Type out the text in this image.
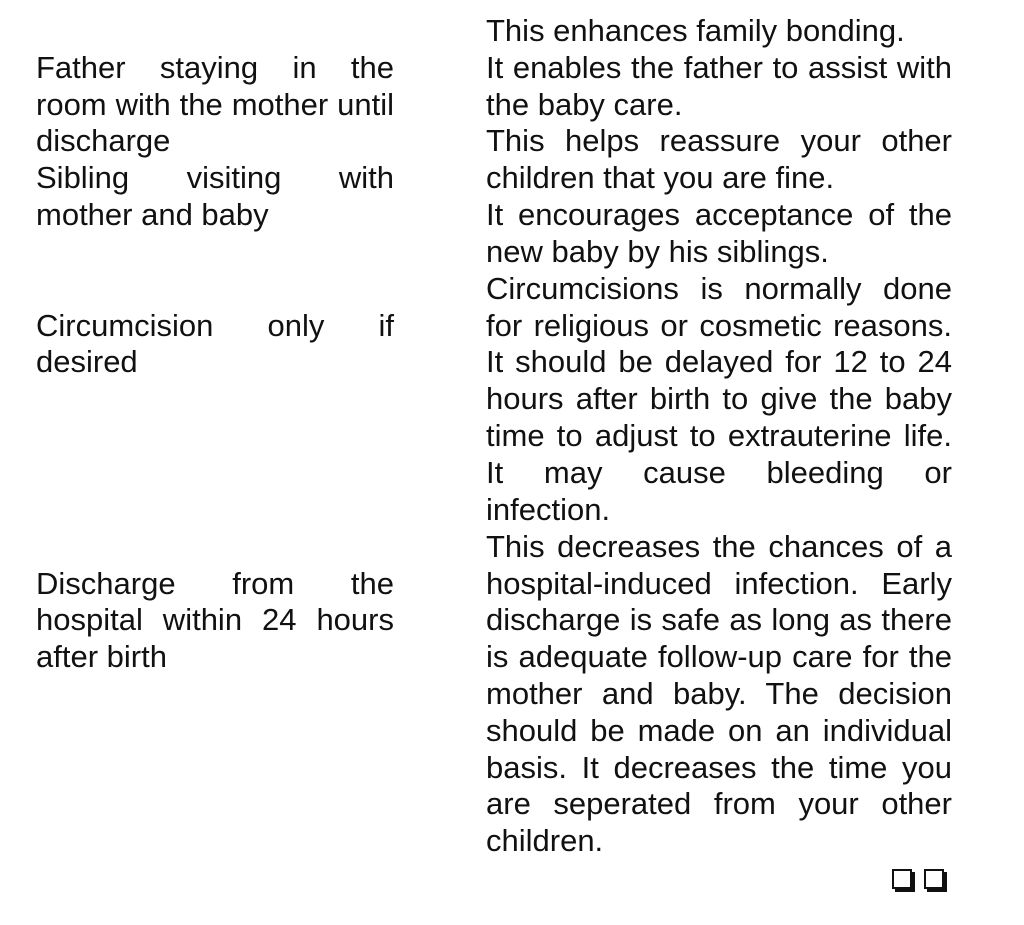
Father staying in the
room with the mother until
discharge
Sibling visiting with
mother and baby
Circumcision only if
desired
Discharge from the
hospital within 24 hours
after birth
This enhances family bonding.
It enables the father to assist with
the baby care.
This helps reassure your other
children that you are fine.
It encourages acceptance of the
new baby by his siblings.
Circumcisions is normally done
for religious or cosmetic reasons.
It should be delayed for 12 to 24
hours after birth to give the baby
time to adjust to extrauterine life.
It may cause bleeding or
infection.
This decreases the chances of a
hospital-induced infection. Early
discharge is safe as long as there
is adequate follow-up care for the
mother and baby. The decision
should be made on an individual
basis. It decreases the time you
are seperated from your other
children.
